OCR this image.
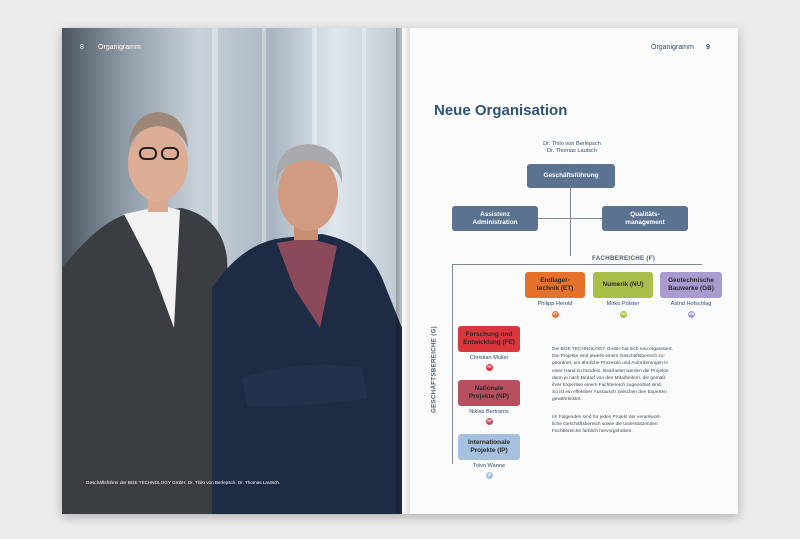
8 Organigramm
Geschäftsführer der BGE TECHNOLOGY GmbH: Dr. Thilo von Berlepsch, Dr. Thomas Lautsch.
Organigramm 9
Neue Organisation
Dr. Thilo von Berlepsch
Dr. Thomas Lautsch
Geschäftsführung
Assistenz
Administration
Qualitäts-
management
FACHBEREICHE (F)
Endlager-
technik (ET)
Philipp Herold
ET
Numerik (NU)
Mirko Polster
NU
Geotechnische
Bauwerke (GB)
Astrid Hofschlag
GB
GESCHÄFTSBEREICHE (G)	Forschung und
Entwicklung (FE)
Christian Müller
FE
Nationale
Projekte (NP)
Niklas Bertrams
NP
Internationale
Projekte (IP)
Toivo Wanne
IP
Die BGE TECHNOLOGY GmbH hat sich neu organisiert.
Die Projekte sind jeweils einem Geschäftsbereich zu-
geordnet, um ähnliche Prozesse und Anforderungen in
einer Hand zu bündeln. Bearbeitet werden die Projekte
dann je nach Bedarf von den Mitarbeitern, die gemäß
ihrer Expertise einem Fachbereich zugeordnet sind.
So ist ein effektiver Austausch zwischen den Experten
gewährleistet.
Im Folgenden sind für jedes Projekt der verantwort-
liche Geschäftsbereich sowie die unterstützenden
Fachbereiche farblich hervorgehoben.
